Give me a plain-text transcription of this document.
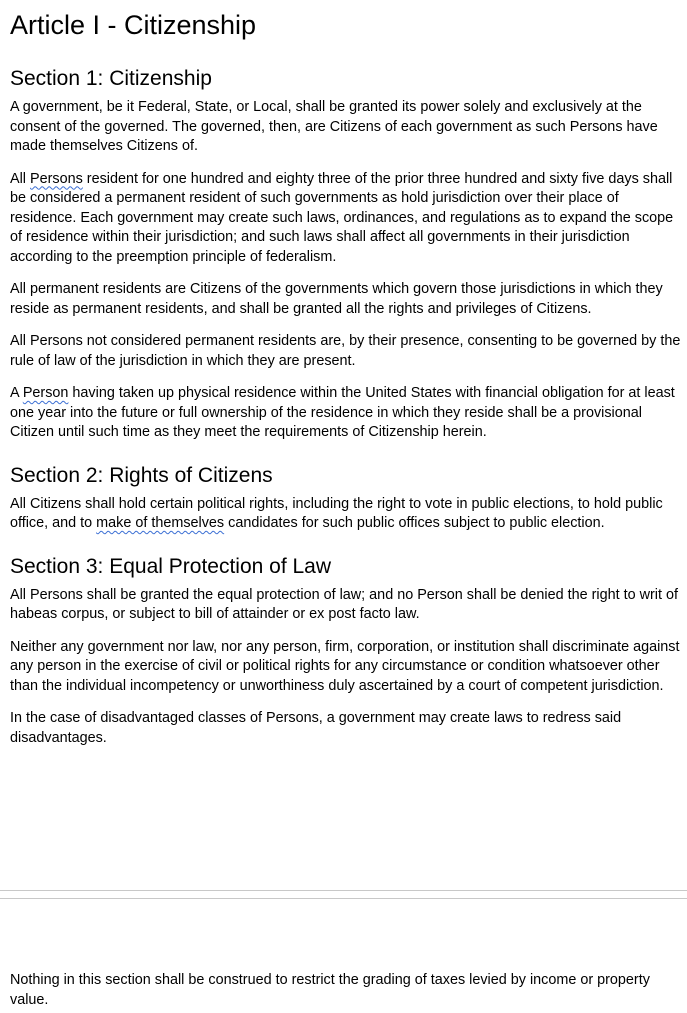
Article I - Citizenship
Section 1: Citizenship

A government, be it Federal, State, or Local, shall be granted its power solely and exclusively at the consent of the governed. The governed, then, are Citizens of each government as such Persons have made themselves Citizens of.

All Persons resident for one hundred and eighty three of the prior three hundred and sixty five days shall be considered a permanent resident of such governments as hold jurisdiction over their place of residence. Each government may create such laws, ordinances, and regulations as to expand the scope of residence within their jurisdiction; and such laws shall affect all governments in their jurisdiction according to the preemption principle of federalism.

All permanent residents are Citizens of the governments which govern those jurisdictions in which they reside as permanent residents, and shall be granted all the rights and privileges of Citizens.

All Persons not considered permanent residents are, by their presence, consenting to be governed by the rule of law of the jurisdiction in which they are present.

A Person having taken up physical residence within the United States with financial obligation for at least one year into the future or full ownership of the residence in which they reside shall be a provisional Citizen until such time as they meet the requirements of Citizenship herein.

Section 2: Rights of Citizens

All Citizens shall hold certain political rights, including the right to vote in public elections, to hold public office, and to make of themselves candidates for such public offices subject to public election.

Section 3: Equal Protection of Law

All Persons shall be granted the equal protection of law; and no Person shall be denied the right to writ of habeas corpus, or subject to bill of attainder or ex post facto law.

Neither any government nor law, nor any person, firm, corporation, or institution shall discriminate against any person in the exercise of civil or political rights for any circumstance or condition whatsoever other than the individual incompetency or unworthiness duly ascertained by a court of competent jurisdiction.

In the case of disadvantaged classes of Persons, a government may create laws to redress said disadvantages.

Nothing in this section shall be construed to restrict the grading of taxes levied by income or property value.
